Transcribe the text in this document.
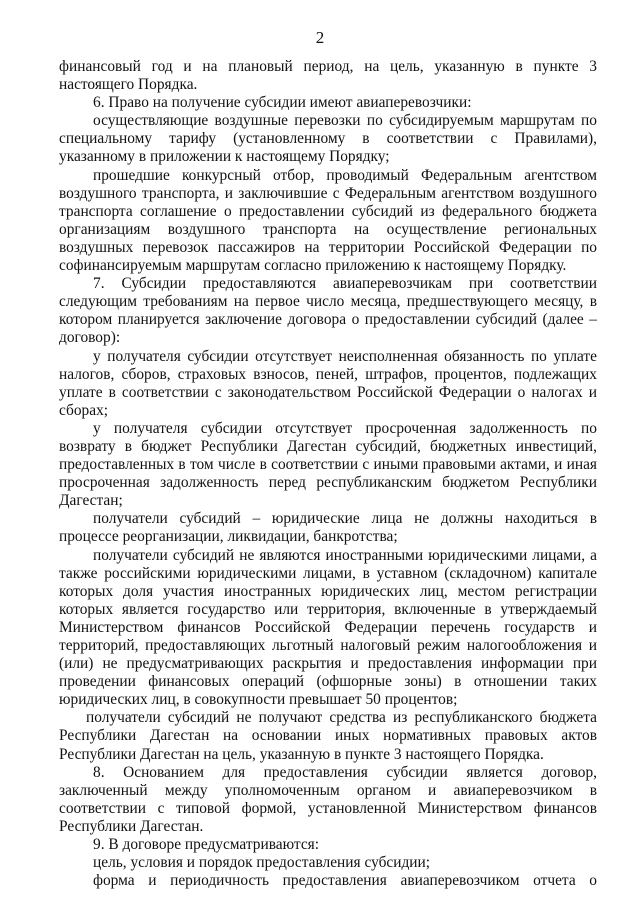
2

финансовый год и на плановый период, на цель, указанную в пункте 3 настоящего Порядка.

6. Право на получение субсидии имеют авиаперевозчики:

осуществляющие воздушные перевозки по субсидируемым маршрутам по специальному тарифу (установленному в соответствии с Правилами), указанному в приложении к настоящему Порядку;

прошедшие конкурсный отбор, проводимый Федеральным агентством воздушного транспорта, и заключившие с Федеральным агентством воздушного транспорта соглашение о предоставлении субсидий из федерального бюджета организациям воздушного транспорта на осуществление региональных воздушных перевозок пассажиров на территории Российской Федерации по софинансируемым маршрутам согласно приложению к настоящему Порядку.

7. Субсидии предоставляются авиаперевозчикам при соответствии следующим требованиям на первое число месяца, предшествующего месяцу, в котором планируется заключение договора о предоставлении субсидий (далее – договор):

у получателя субсидии отсутствует неисполненная обязанность по уплате налогов, сборов, страховых взносов, пеней, штрафов, процентов, подлежащих уплате в соответствии с законодательством Российской Федерации о налогах и сборах;

у получателя субсидии отсутствует просроченная задолженность по возврату в бюджет Республики Дагестан субсидий, бюджетных инвестиций, предоставленных в том числе в соответствии с иными правовыми актами, и иная просроченная задолженность перед республиканским бюджетом Республики Дагестан;

получатели субсидий – юридические лица не должны находиться в процессе реорганизации, ликвидации, банкротства;

получатели субсидий не являются иностранными юридическими лицами, а также российскими юридическими лицами, в уставном (складочном) капитале которых доля участия иностранных юридических лиц, местом регистрации которых является государство или территория, включенные в утверждаемый Министерством финансов Российской Федерации перечень государств и территорий, предоставляющих льготный налоговый режим налогообложения и (или) не предусматривающих раскрытия и предоставления информации при проведении финансовых операций (офшорные зоны) в отношении таких юридических лиц, в совокупности превышает 50 процентов;

получатели субсидий не получают средства из республиканского бюджета Республики Дагестан на основании иных нормативных правовых актов Республики Дагестан на цель, указанную в пункте 3 настоящего Порядка.

8. Основанием для предоставления субсидии является договор, заключенный между уполномоченным органом и авиаперевозчиком в соответствии с типовой формой, установленной Министерством финансов Республики Дагестан.

9. В договоре предусматриваются:

цель, условия и порядок предоставления субсидии;

форма и периодичность предоставления авиаперевозчиком отчета о
